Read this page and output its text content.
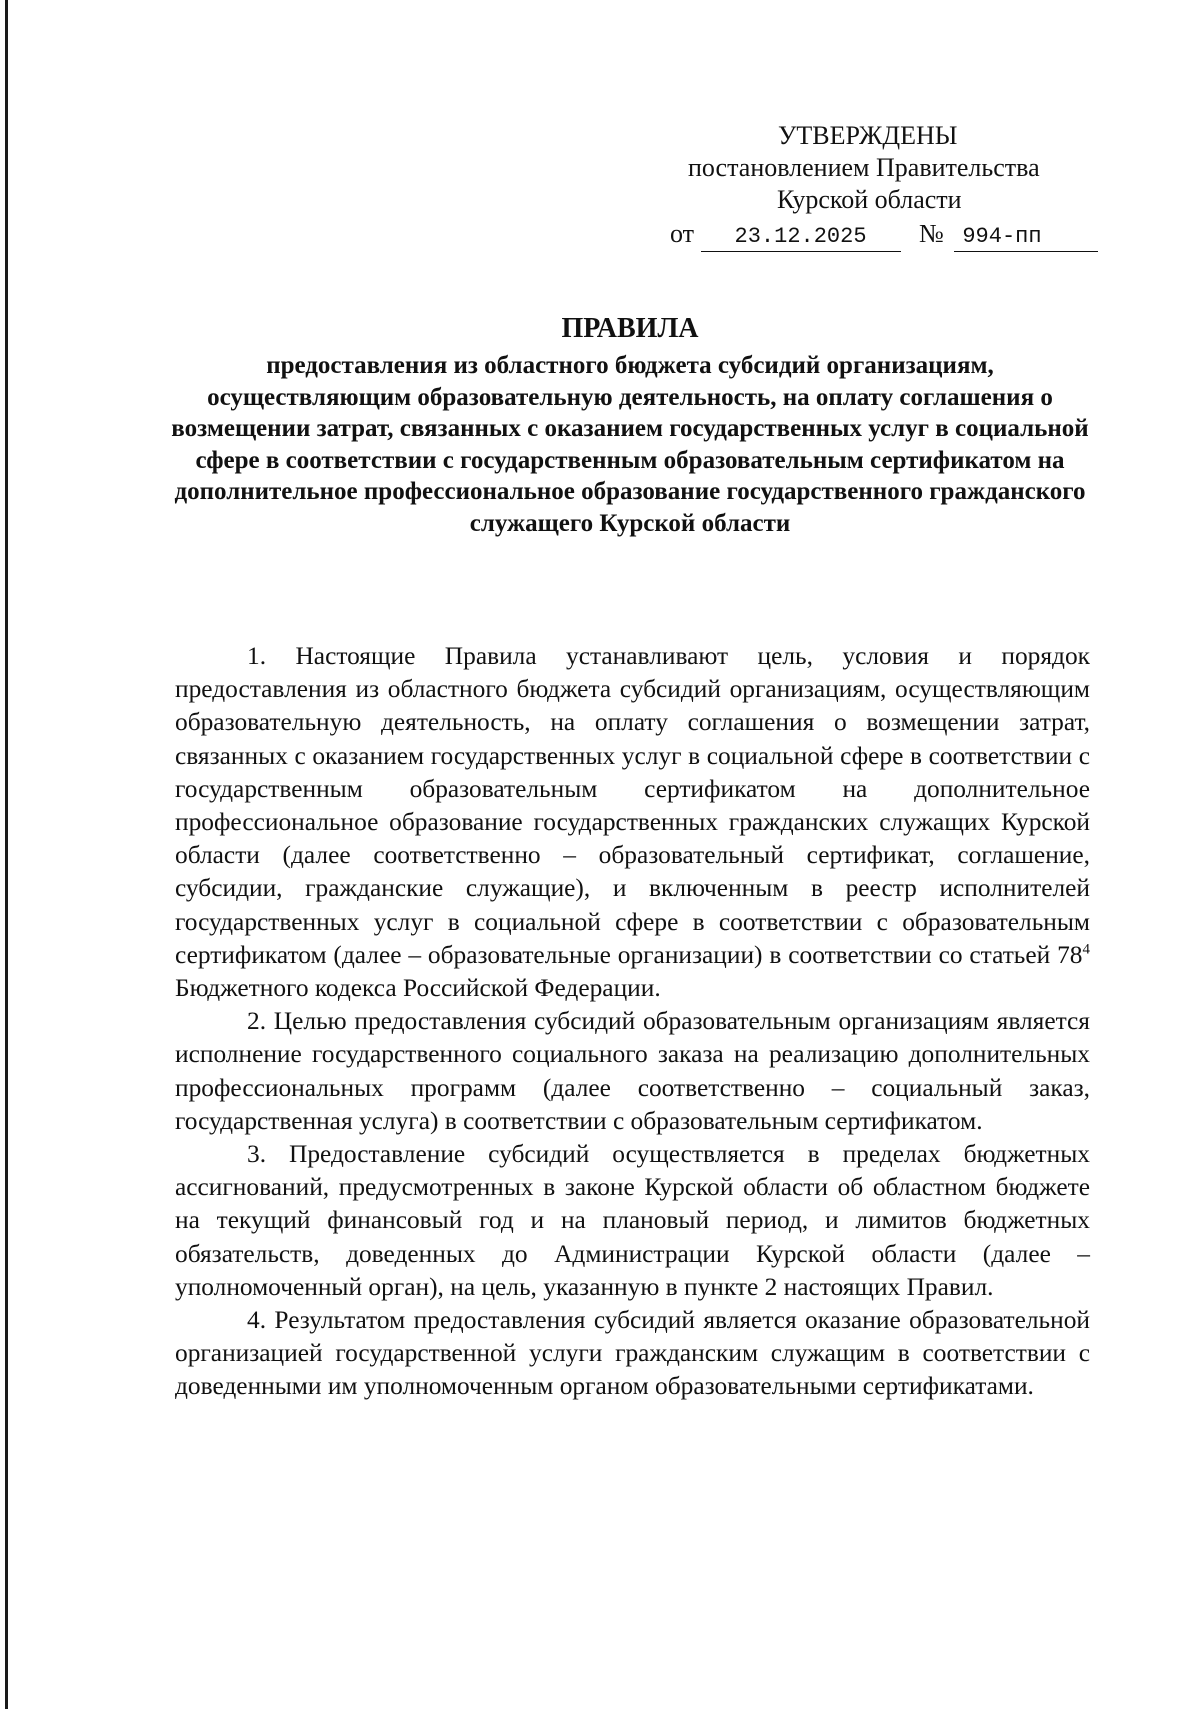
УТВЕРЖДЕНЫ
постановлением Правительства
Курской области
от 23.12.2025 № 994-пп
ПРАВИЛА
предоставления из областного бюджета субсидий организациям, осуществляющим образовательную деятельность, на оплату соглашения о возмещении затрат, связанных с оказанием государственных услуг в социальной сфере в соответствии с государственным образовательным сертификатом на дополнительное профессиональное образование государственного гражданского служащего Курской области

1. Настоящие Правила устанавливают цель, условия и порядок предоставления из областного бюджета субсидий организациям, осуществляющим образовательную деятельность, на оплату соглашения о возмещении затрат, связанных с оказанием государственных услуг в социальной сфере в соответствии с государственным образовательным сертификатом на дополнительное профессиональное образование государственных гражданских служащих Курской области (далее соответственно – образовательный сертификат, соглашение, субсидии, гражданские служащие), и включенным в реестр исполнителей государственных услуг в социальной сфере в соответствии с образовательным сертификатом (далее – образовательные организации) в соответствии со статьей $78^4$ Бюджетного кодекса Российской Федерации.

2. Целью предоставления субсидий образовательным организациям является исполнение государственного социального заказа на реализацию дополнительных профессиональных программ (далее соответственно – социальный заказ, государственная услуга) в соответствии с образовательным сертификатом.

3. Предоставление субсидий осуществляется в пределах бюджетных ассигнований, предусмотренных в законе Курской области об областном бюджете на текущий финансовый год и на плановый период, и лимитов бюджетных обязательств, доведенных до Администрации Курской области (далее – уполномоченный орган), на цель, указанную в пункте 2 настоящих Правил.

4. Результатом предоставления субсидий является оказание образовательной организацией государственной услуги гражданским служащим в соответствии с доведенными им уполномоченным органом образовательными сертификатами.
